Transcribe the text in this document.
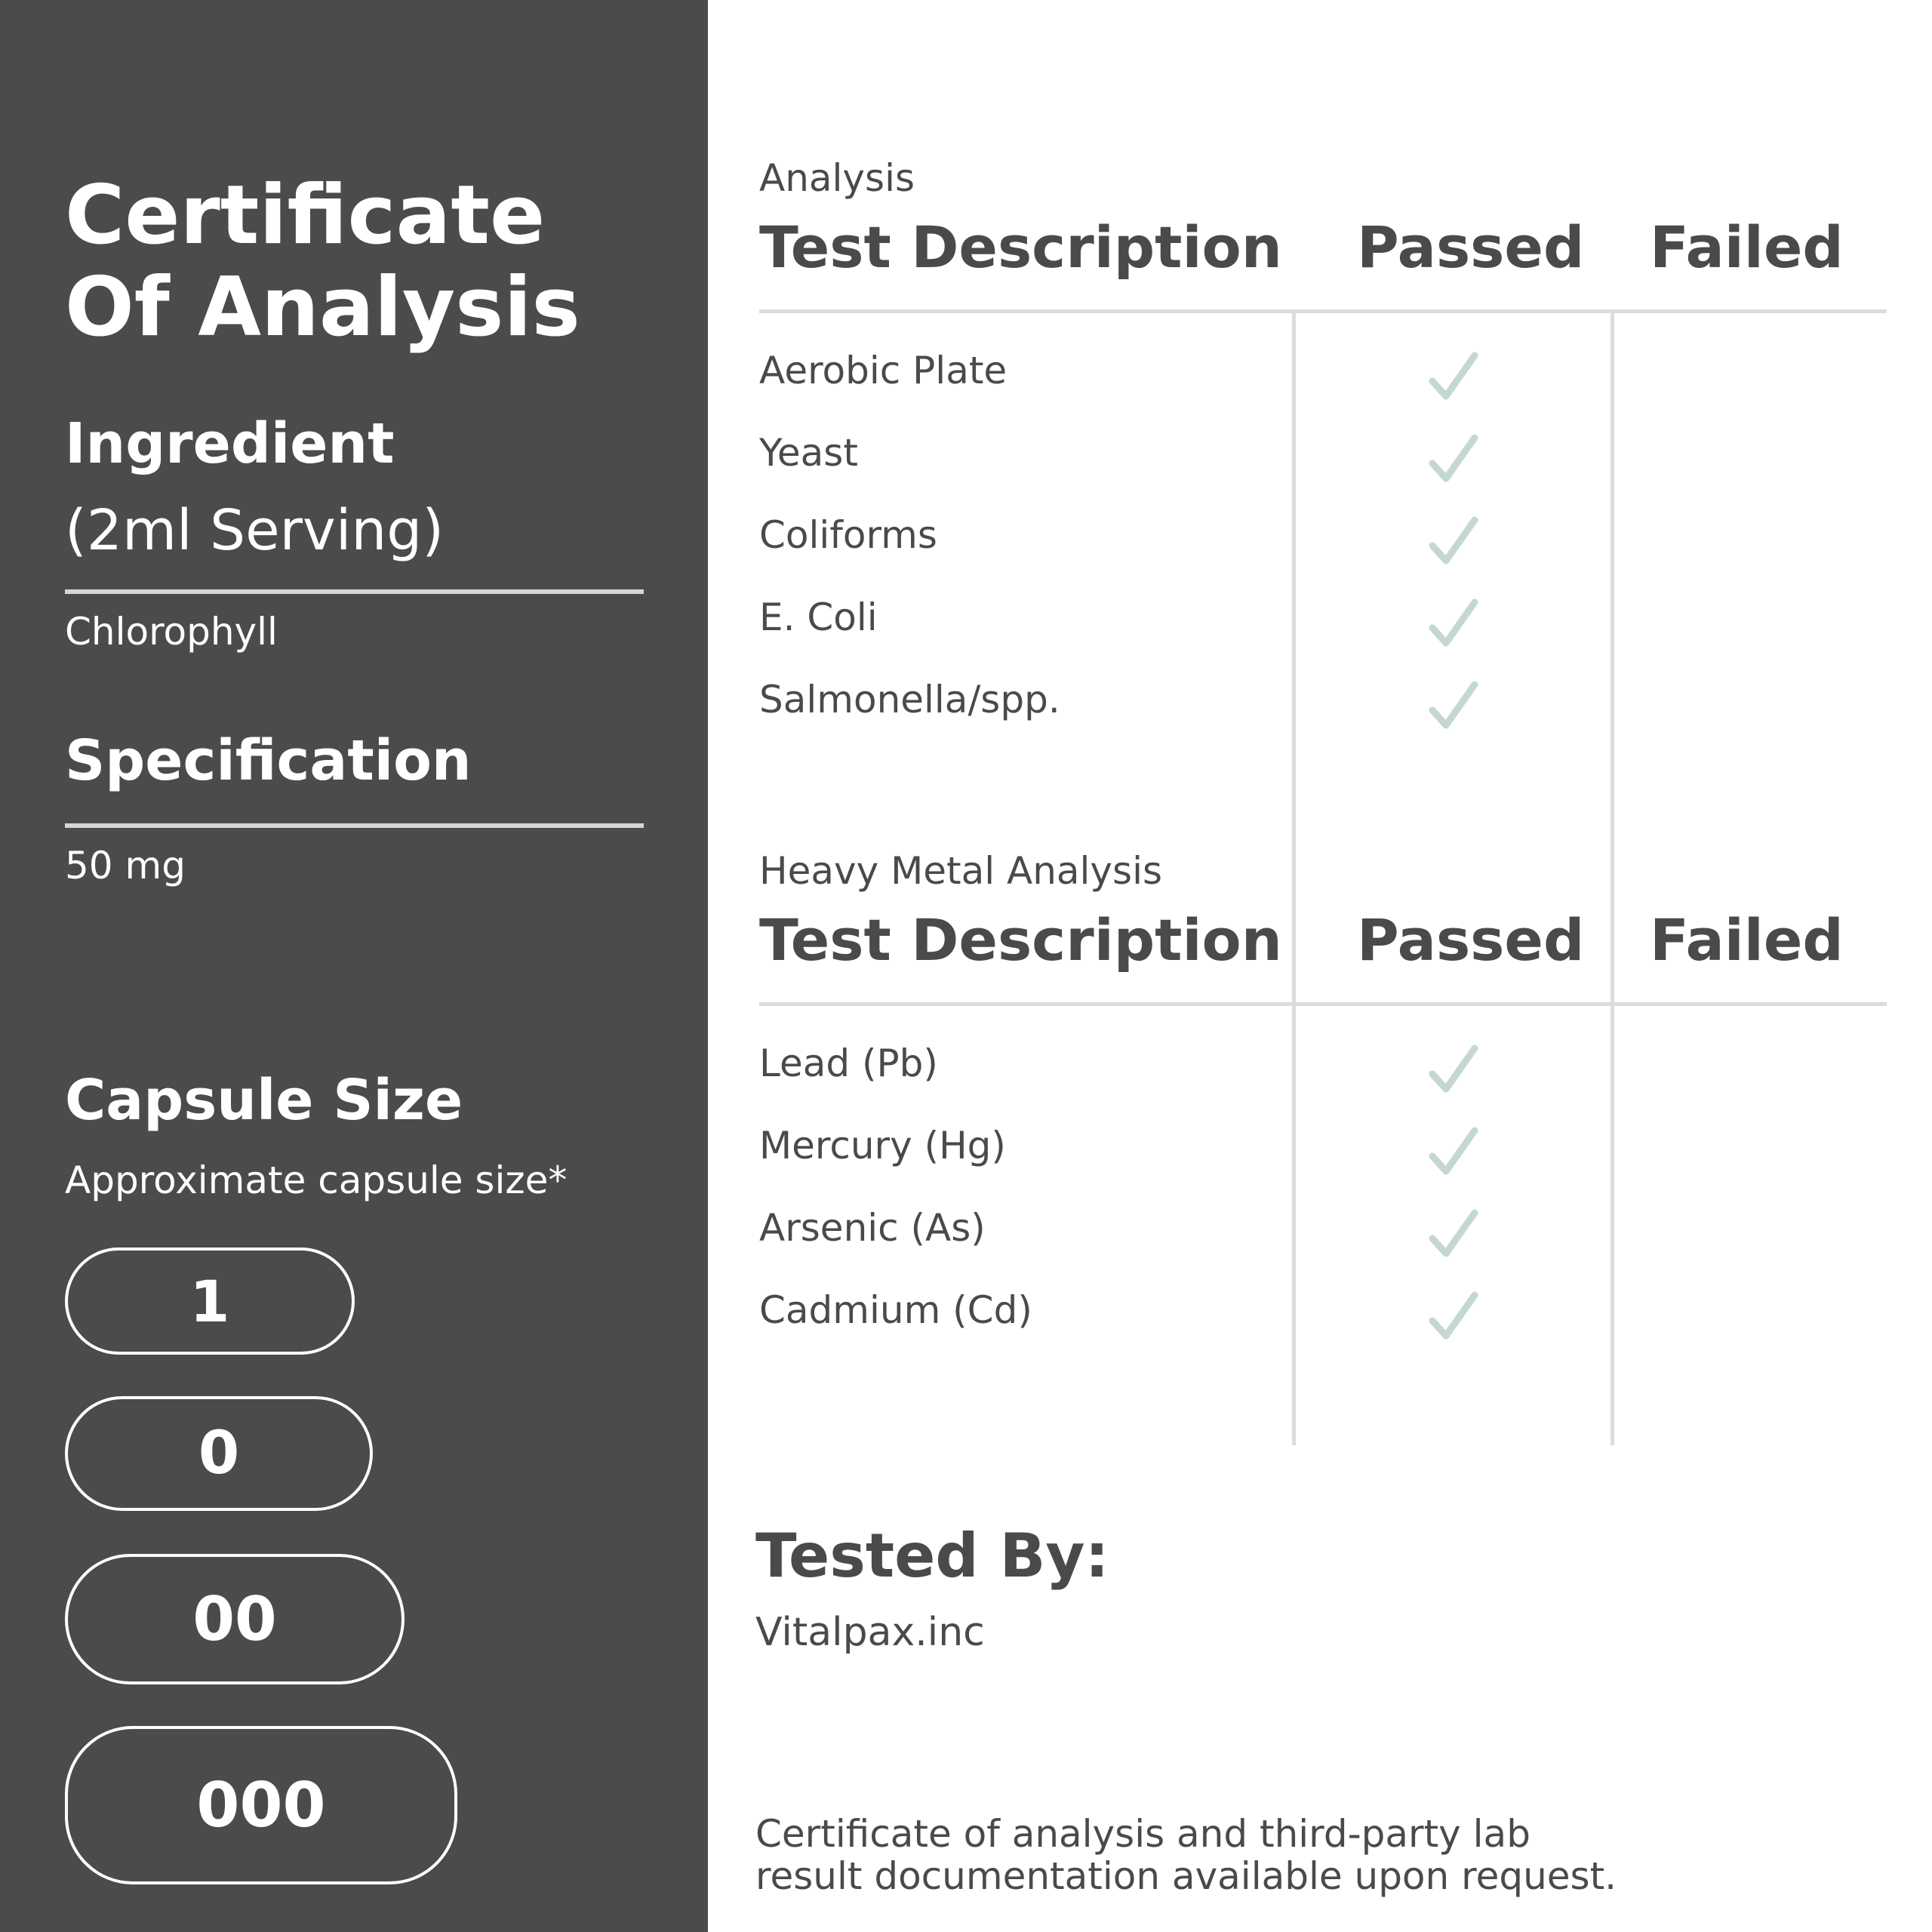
Certificate
Of Analysis
Ingredient
(2ml Serving)
Chlorophyll
Specification
50 mg
Capsule Size
Approximate capsule size*
1
0
00
000
Analysis
Test Description Passed Failed
Aerobic Plate
Yeast
Coliforms
E. Coli
Salmonella/spp.
Heavy Metal Analysis
Test Description Passed Failed
Lead (Pb)
Mercury (Hg)
Arsenic (As)
Cadmium (Cd)
Tested By:
Vitalpax.inc
Certificate of analysis and third-party lab
result documentation available upon request.
